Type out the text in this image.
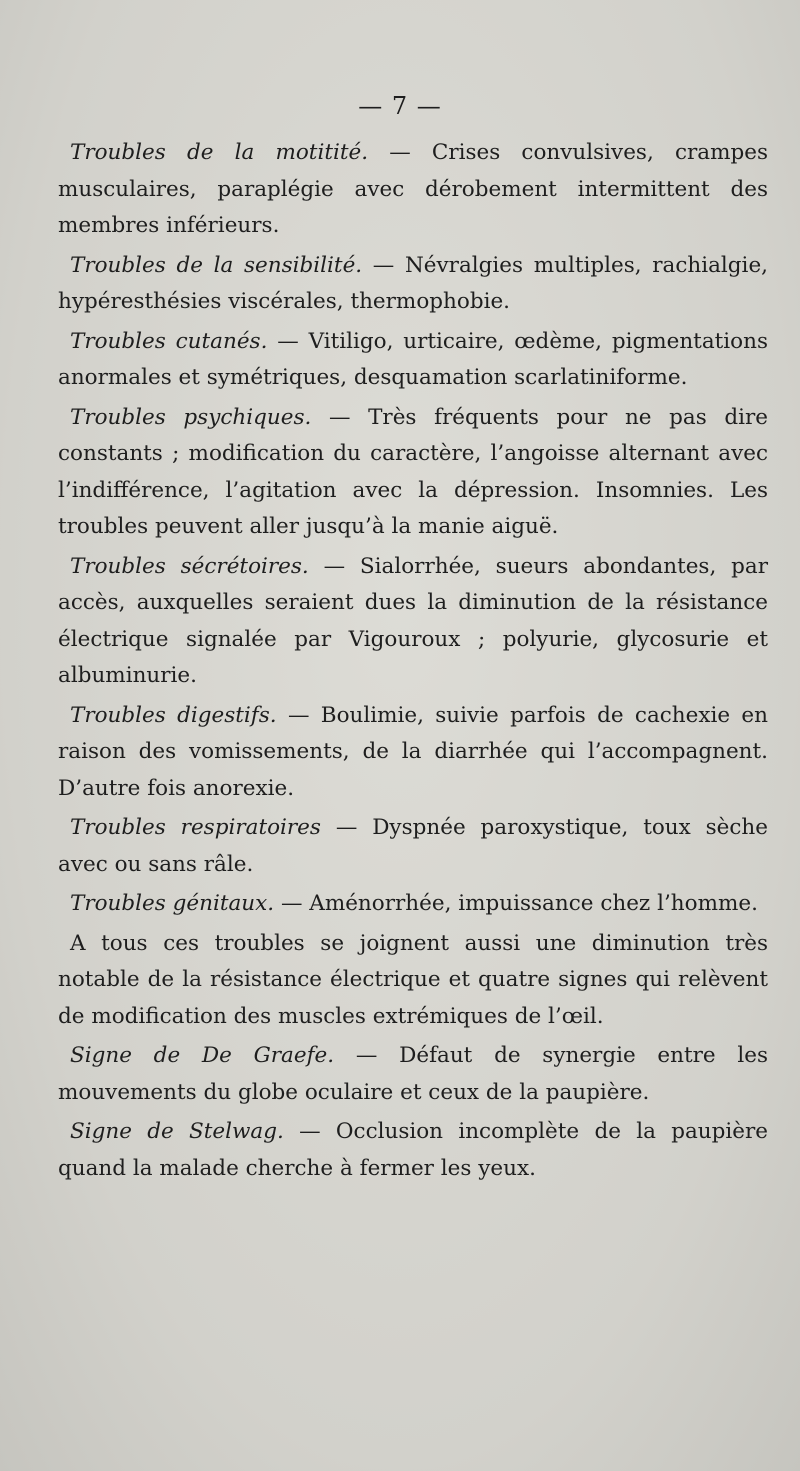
— 7 —

Troubles de la motitité. — Crises convulsives, crampes musculaires, paraplégie avec dérobement intermittent des membres inférieurs.

Troubles de la sensibilité. — Névralgies multiples, rachialgie, hypéresthésies viscérales, thermophobie.

Troubles cutanés. — Vitiligo, urticaire, œdème, pigmentations anormales et symétriques, desquamation scarlatiniforme.

Troubles psychiques. — Très fréquents pour ne pas dire constants ; modification du caractère, l’angoisse alternant avec l’indifférence, l’agitation avec la dépression. Insomnies. Les troubles peuvent aller jusqu’à la manie aiguë.

Troubles sécrétoires. — Sialorrhée, sueurs abondantes, par accès, auxquelles seraient dues la diminution de la résistance électrique signalée par Vigouroux ; polyurie, glycosurie et albuminurie.

Troubles digestifs. — Boulimie, suivie parfois de cachexie en raison des vomissements, de la diarrhée qui l’accompagnent. D’autre fois anorexie.

Troubles respiratoires — Dyspnée paroxystique, toux sèche avec ou sans râle.

Troubles génitaux. — Aménorrhée, impuissance chez l’homme.

A tous ces troubles se joignent aussi une diminution très notable de la résistance électrique et quatre signes qui relèvent de modification des muscles extrémiques de l’œil.

Signe de De Graefe. — Défaut de synergie entre les mouvements du globe oculaire et ceux de la paupière.

Signe de Stelwag. — Occlusion incomplète de la paupière quand la malade cherche à fermer les yeux.
